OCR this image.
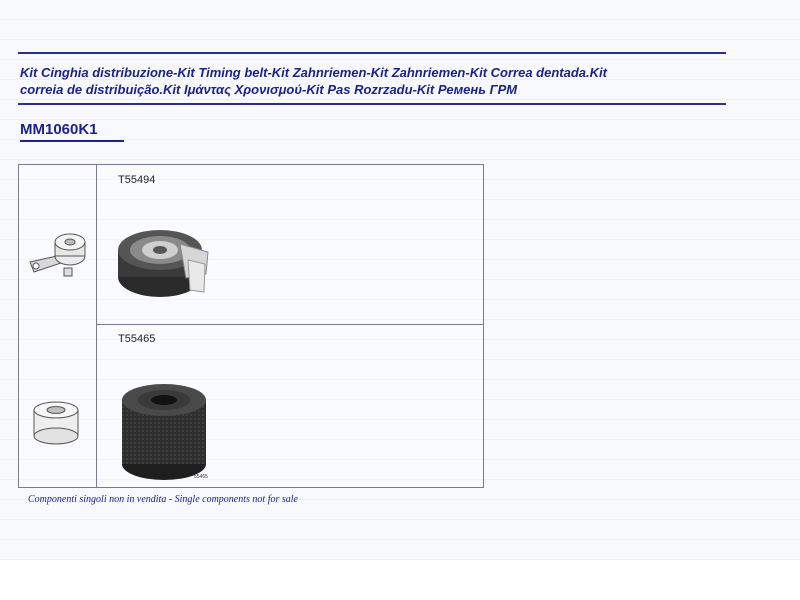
Kit Cinghia distribuzione-Kit Timing belt-Kit Zahnriemen-Kit Zahnriemen-Kit Correa dentada.Kit
correia de distribuição.Kit Ιμάντας Χρονισμού-Kit Pas Rozrzadu-Kit Ремень ГРМ
MM1060K1
T55494
T55465
55465
Componenti singoli non in vendita - Single components not for sale
